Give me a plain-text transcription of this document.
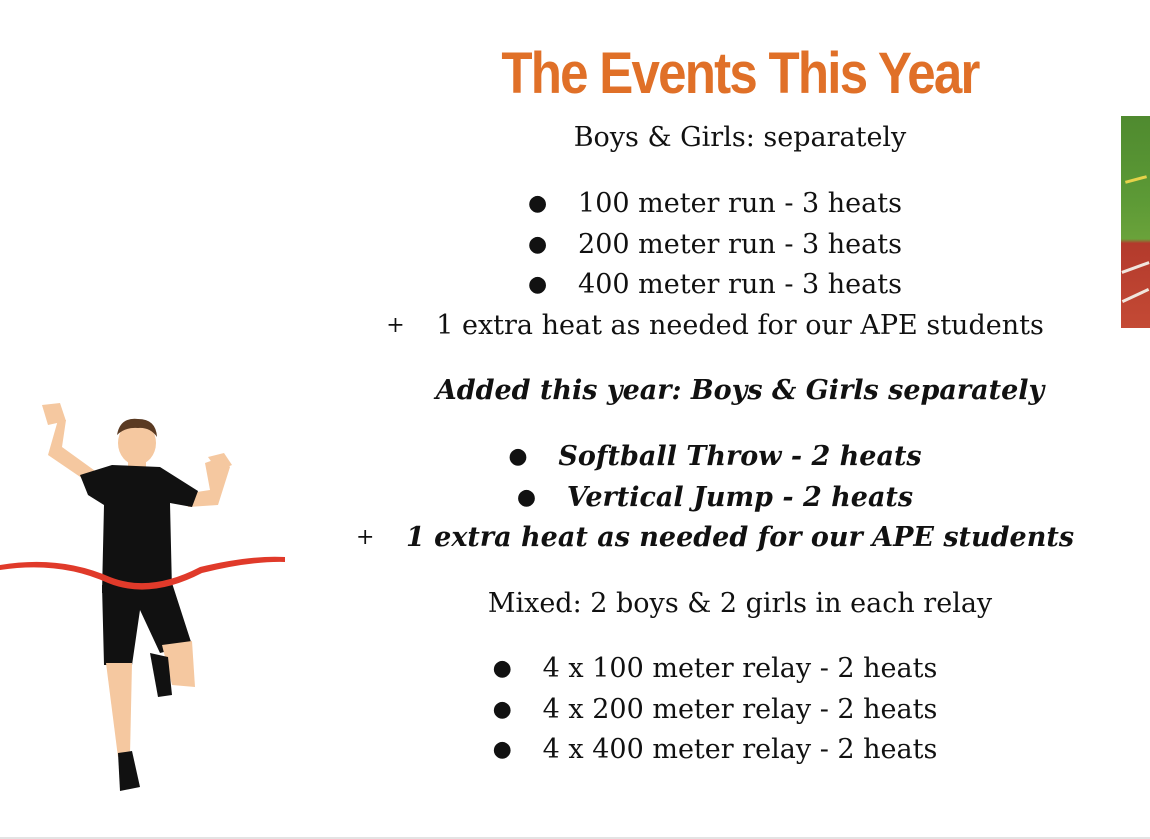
The Events This Year
Boys & Girls: separately
● 100 meter run - 3 heats
● 200 meter run - 3 heats
● 400 meter run - 3 heats
+ 1 extra heat as needed for our APE students
Added this year: Boys & Girls separately
● Softball Throw - 2 heats
● Vertical Jump - 2 heats
+ 1 extra heat as needed for our APE students
Mixed: 2 boys & 2 girls in each relay
● 4 x 100 meter relay - 2 heats
● 4 x 200 meter relay - 2 heats
● 4 x 400 meter relay - 2 heats
